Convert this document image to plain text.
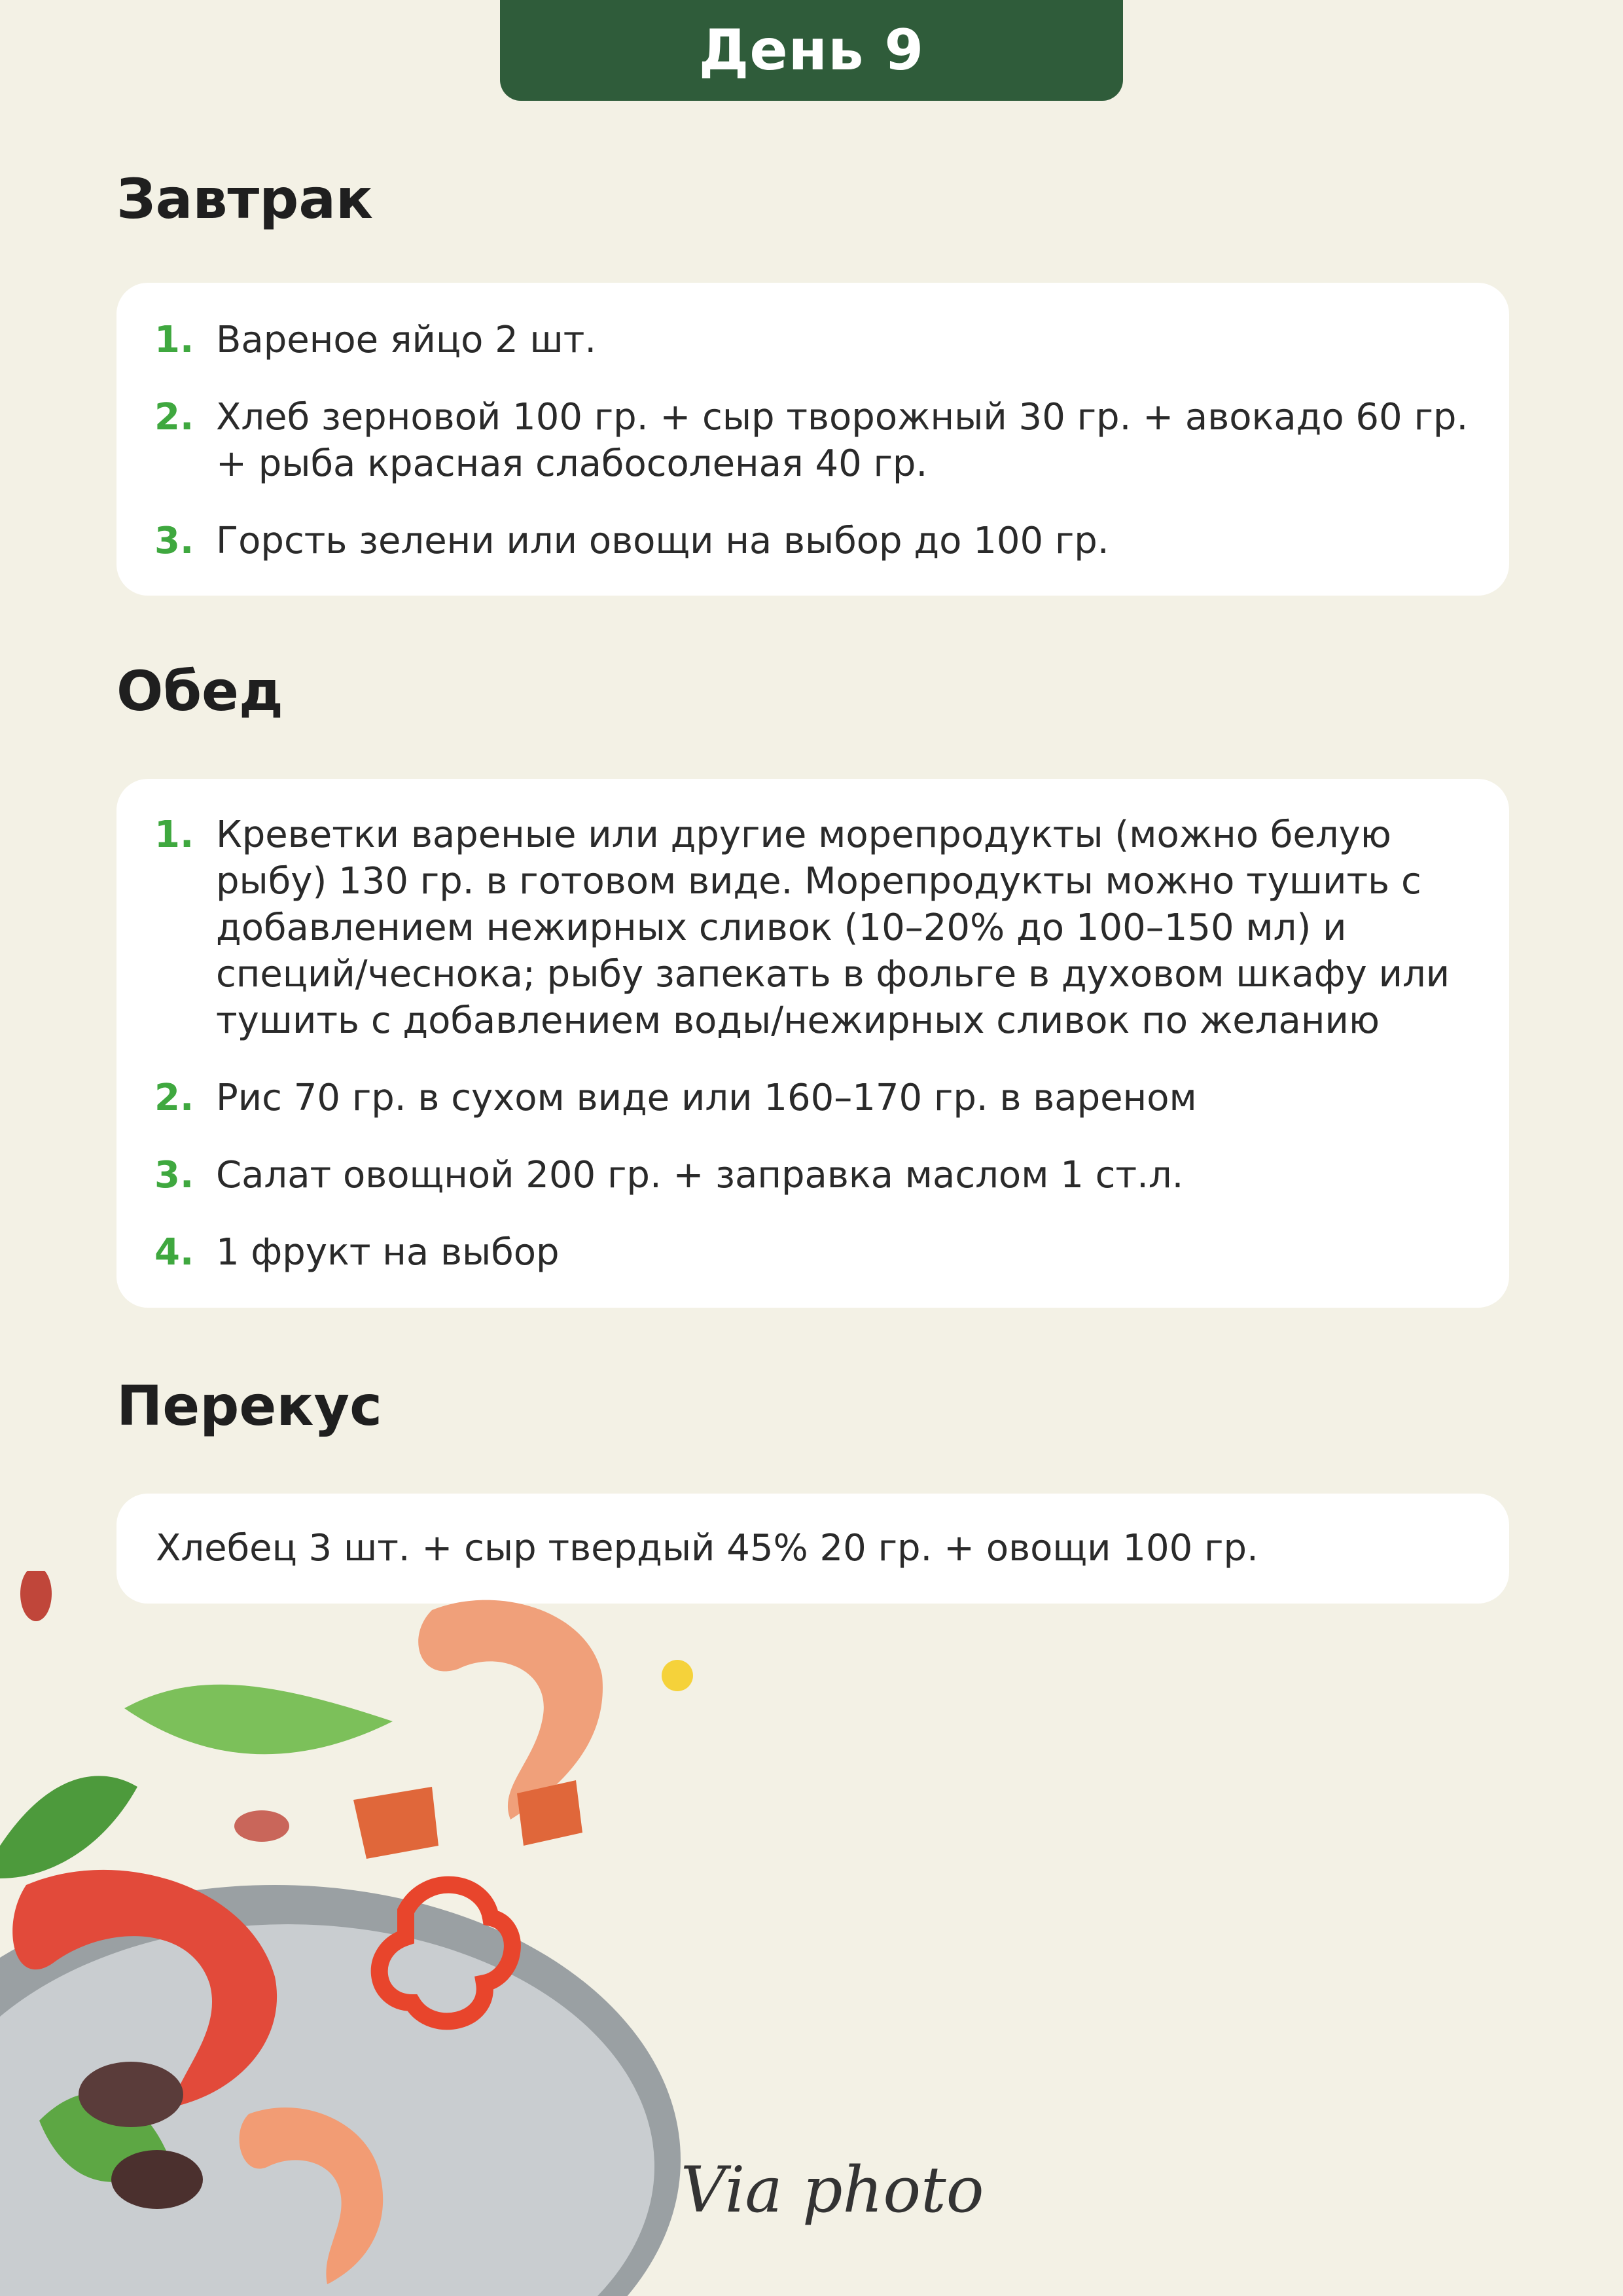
День 9
Завтрак
1. Вареное яйцо 2 шт.
2. Хлеб зерновой 100 гр. + сыр творожный 30 гр. + авокадо 60 гр. + рыба красная слабосоленая 40 гр.
3. Горсть зелени или овощи на выбор до 100 гр.
Обед
1. Креветки вареные или другие морепродукты (можно белую рыбу) 130 гр. в готовом виде. Морепродукты можно тушить с добавлением нежирных сливок (10–20% до 100–150 мл) и специй/чеснока; рыбу запекать в фольге в духовом шкафу или тушить с добавлением воды/нежирных сливок по желанию
2. Рис 70 гр. в сухом виде или 160–170 гр. в вареном
3. Салат овощной 200 гр. + заправка маслом 1 ст.л.
4. 1 фрукт на выбор
Перекус
Хлебец 3 шт. + сыр твердый 45% 20 гр. + овощи 100 гр.
Via photo
